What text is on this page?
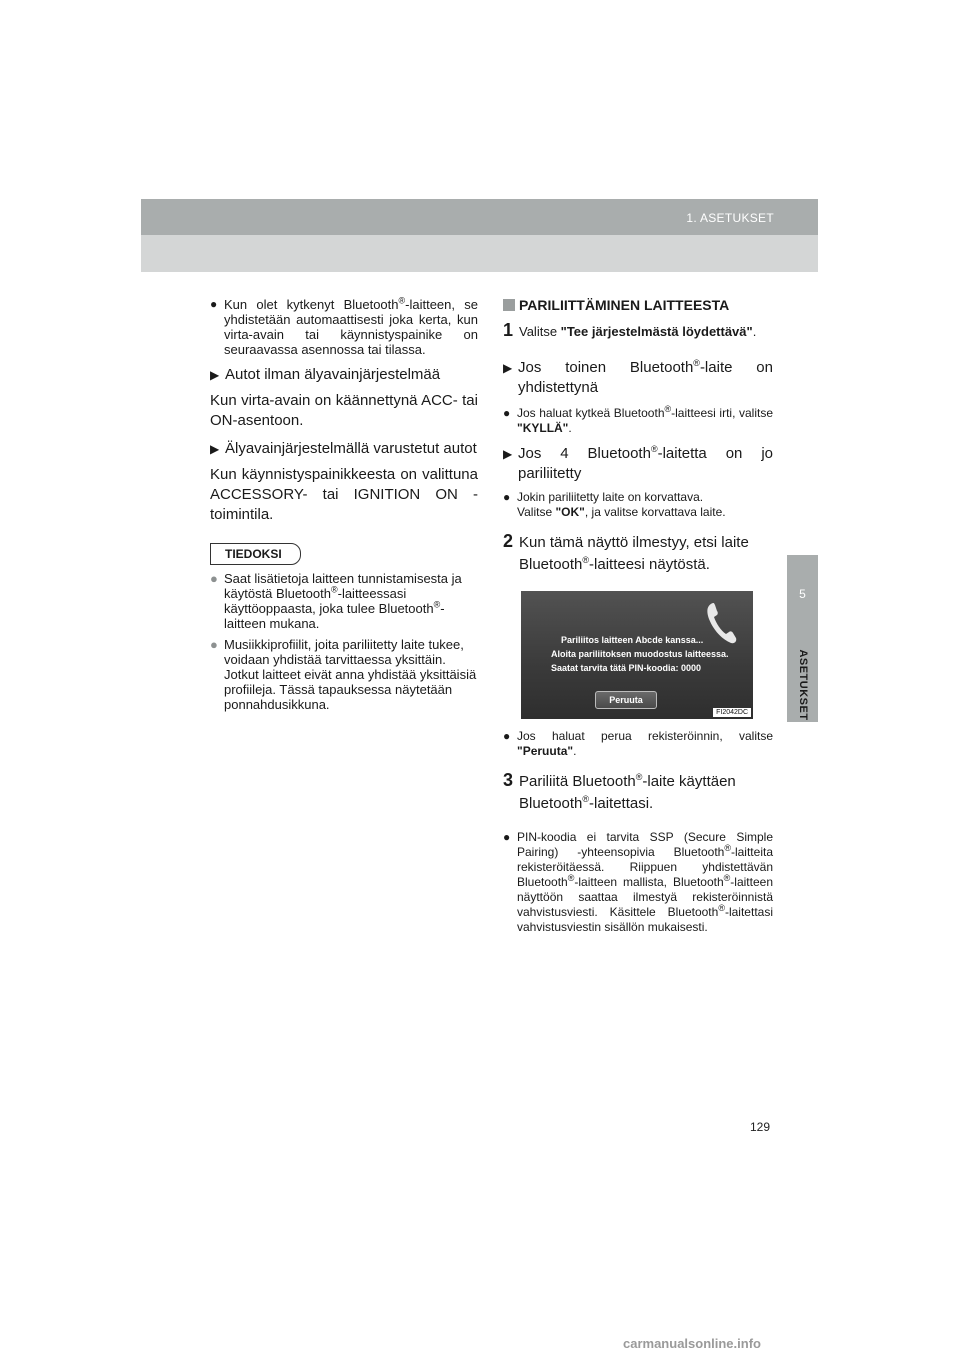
1. ASETUKSET
5
ASETUKSET

● Kun olet kytkenyt Bluetooth®-laitteen, se yhdistetään automaattisesti joka kerta, kun virta-avain tai käynnistyspainike on seuraavassa asennossa tai tilassa.

▶ Autot ilman älyavainjärjestelmää

Kun virta-avain on käännettynä ACC- tai ON-asentoon.

▶ Älyavainjärjestelmällä varustetut autot

Kun käynnistyspainikkeesta on valittuna ACCESSORY- tai IGNITION ON -toimintila.

TIEDOKSI
● Saat lisätietoja laitteen tunnistamisesta ja käytöstä Bluetooth®-laitteessasi käyttöoppaasta, joka tulee Bluetooth®-laitteen mukana.
● Musiikkiprofiilit, joita pariliitetty laite tukee, voidaan yhdistää tarvittaessa yksittäin. Jotkut laitteet eivät anna yhdistää yksittäisiä profiileja. Tässä tapauksessa näytetään ponnahdusikkuna.

PARILIITTÄMINEN LAITTEESTA

1 Valitse "Tee järjestelmästä löydettävä".

▶ Jos toinen Bluetooth®-laite on yhdistettynä

● Jos haluat kytkeä Bluetooth®-laitteesi irti, valitse "KYLLÄ".

▶ Jos 4 Bluetooth®-laitetta on jo pariliitetty

● Jokin pariliitetty laite on korvattava.
Valitse "OK", ja valitse korvattava laite.

2 Kun tämä näyttö ilmestyy, etsi laite Bluetooth®-laitteesi näytöstä.

Pariliitos laitteen Abcde kanssa...
Aloita pariliitoksen muodostus laitteessa.
Saatat tarvita tätä PIN-koodia: 0000
Peruuta
FI2042DC

● Jos haluat perua rekisteröinnin, valitse "Peruuta".

3 Pariliitä Bluetooth®-laite käyttäen Bluetooth®-laitettasi.

● PIN-koodia ei tarvita SSP (Secure Simple Pairing) -yhteensopivia Bluetooth®-laitteita rekisteröitäessä. Riippuen yhdistettävän Bluetooth®-laitteen mallista, Bluetooth®-laitteen näyttöön saattaa ilmestyä rekisteröinnistä vahvistusviesti. Käsittele Bluetooth®-laitettasi vahvistusviestin sisällön mukaisesti.

129
carmanualsonline.info
